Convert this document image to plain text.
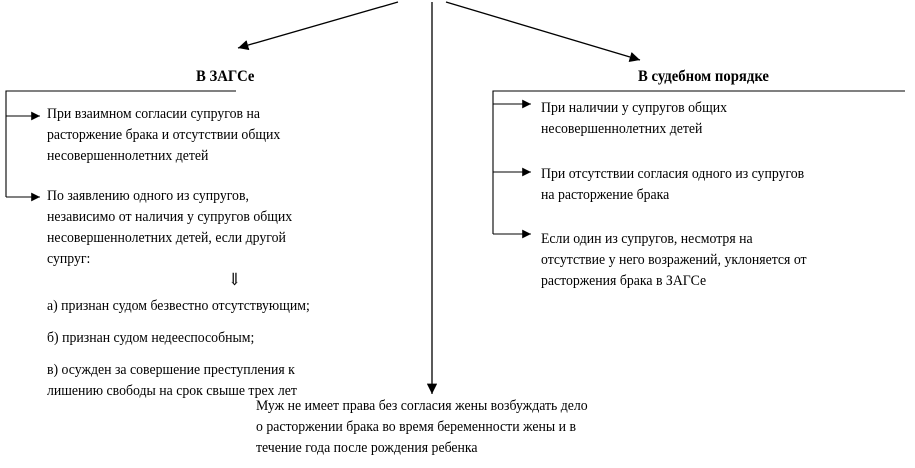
В ЗАГСе	В судебном порядке
При взаимном согласии супругов на
расторжение брака и отсутствии общих
несовершеннолетних детей
По заявлению одного из супругов,
независимо от наличия у супругов общих
несовершеннолетних детей, если другой
супруг:
⇓
а) признан судом безвестно отсутствующим;
б) признан судом недееспособным;
в) осужден за совершение преступления к
лишению свободы на срок свыше трех лет
При наличии у супругов общих
несовершеннолетних детей
При отсутствии согласия одного из супругов
на расторжение брака
Если один из супругов, несмотря на
отсутствие у него возражений, уклоняется от
расторжения брака в ЗАГСе
Муж не имеет права без согласия жены возбуждать дело
о расторжении брака во время беременности жены и в
течение года после рождения ребенка
